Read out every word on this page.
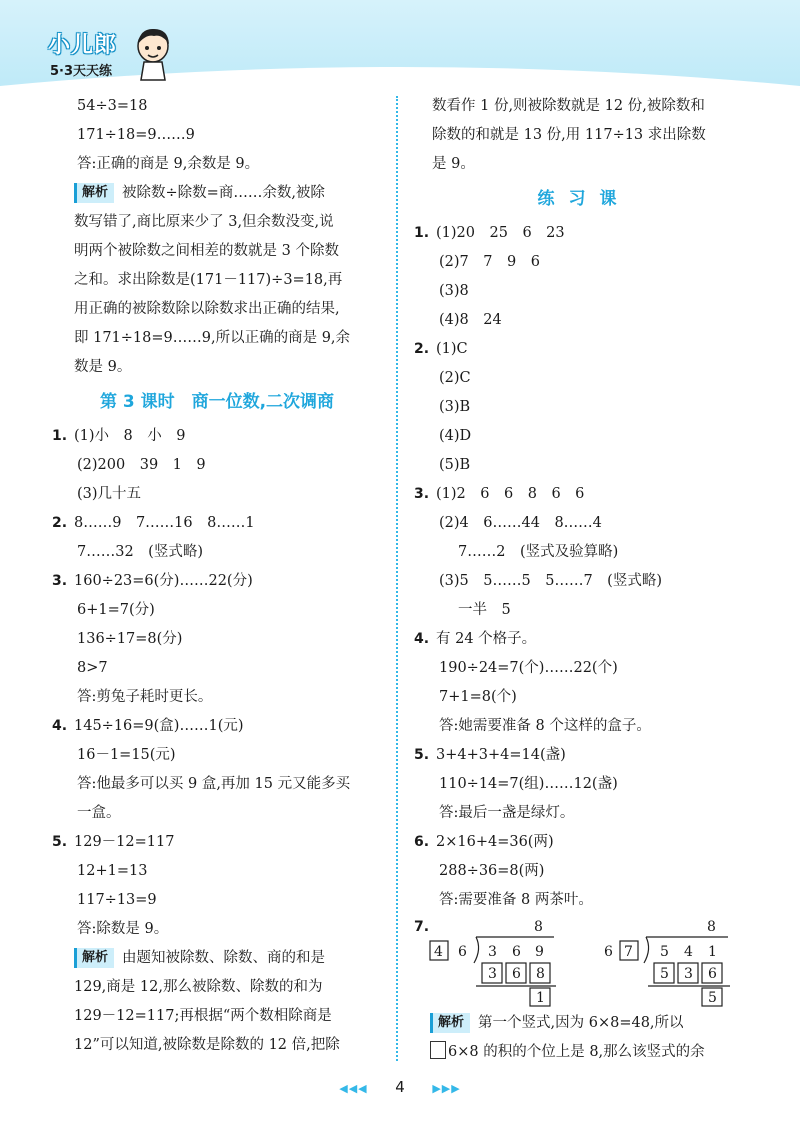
小儿郎
5·3天天练
54÷3=18
171÷18=9……9
答:正确的商是 9,余数是 9。
解析 被除数÷除数=商……余数,被除
数写错了,商比原来少了 3,但余数没变,说
明两个被除数之间相差的数就是 3 个除数
之和。求出除数是(171－117)÷3=18,再
用正确的被除数除以除数求出正确的结果,
即 171÷18=9……9,所以正确的商是 9,余
数是 9。
第 3 课时　商一位数,二次调商
1. (1)小　8　小　9
(2)200　39　1　9
(3)几十五
2. 8……9　7……16　8……1
7……32　(竖式略)
3. 160÷23=6(分)……22(分)
6+1=7(分)
136÷17=8(分)
8>7
答:剪兔子耗时更长。
4. 145÷16=9(盒)……1(元)
16－1=15(元)
答:他最多可以买 9 盒,再加 15 元又能多买
一盒。
5. 129－12=117
12+1=13
117÷13=9
答:除数是 9。
解析 由题知被除数、除数、商的和是
129,商是 12,那么被除数、除数的和为
129－12=117;再根据“两个数相除商是
12”可以知道,被除数是除数的 12 倍,把除
数看作 1 份,则被除数就是 12 份,被除数和
除数的和就是 13 份,用 117÷13 求出除数
是 9。
练习课
1. (1)20　25　6　23
(2)7　7　9　6
(3)8
(4)8　24
2. (1)C
(2)C
(3)B
(4)D
(5)B
3. (1)2　6　6　8　6　6
(2)4　6……44　8……4
7……2　(竖式及验算略)
(3)5　5……5　5……7　(竖式略)
一半　5
4. 有 24 个格子。
190÷24=7(个)……22(个)
7+1=8(个)
答:她需要准备 8 个这样的盒子。
5. 3+4+3+4=14(盏)
110÷14=7(组)……12(盏)
答:最后一盏是绿灯。
6. 2×16+4=36(两)
288÷36=8(两)
答:需要准备 8 两茶叶。
7.	8
4 6 3 6 9
3 6 8
1
8
6 7 5 4 1
5 3 6
5
解析 第一个竖式,因为 6×8=48,所以
6×8 的积的个位上是 8,那么该竖式的余
◀◀◀ 4	▶▶▶
